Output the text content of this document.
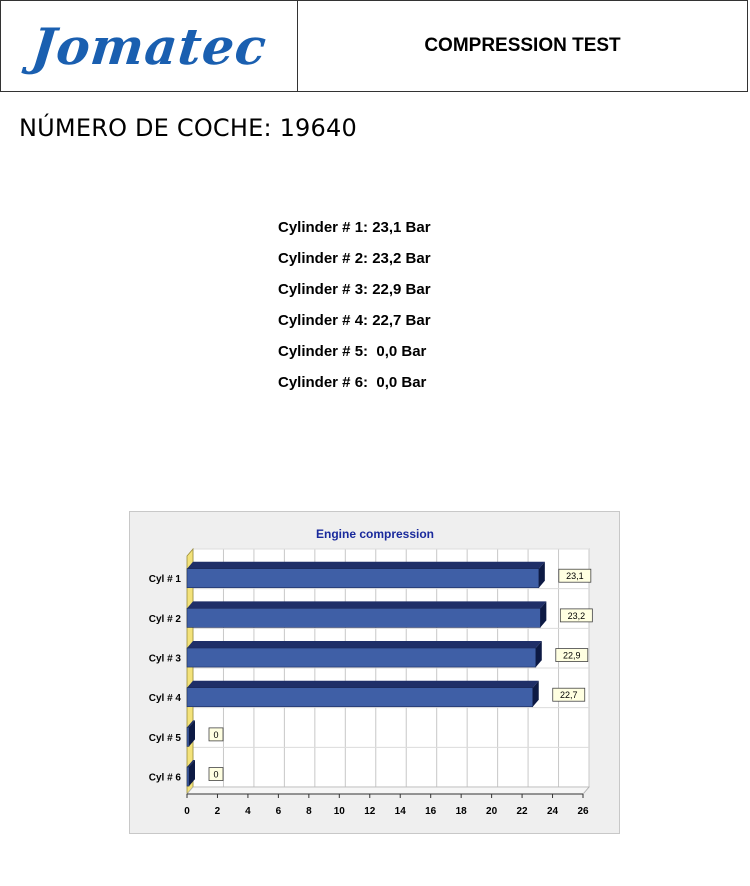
Jomatec	COMPRESSION TEST
NÚMERO DE COCHE: 19640
Cylinder # 1: 23,1 Bar
Cylinder # 2: 23,2 Bar
Cylinder # 3: 22,9 Bar
Cylinder # 4: 22,7 Bar
Cylinder # 5:  0,0 Bar
Cylinder # 6:  0,0 Bar
Engine compression
0 2 4 6 8 10 12 14 16 18 20 22 24 26
Cyl # 1	23,1
Cyl # 2	23,2
Cyl # 3	22,9
Cyl # 4	22,7
Cyl # 5	0
Cyl # 6	0
